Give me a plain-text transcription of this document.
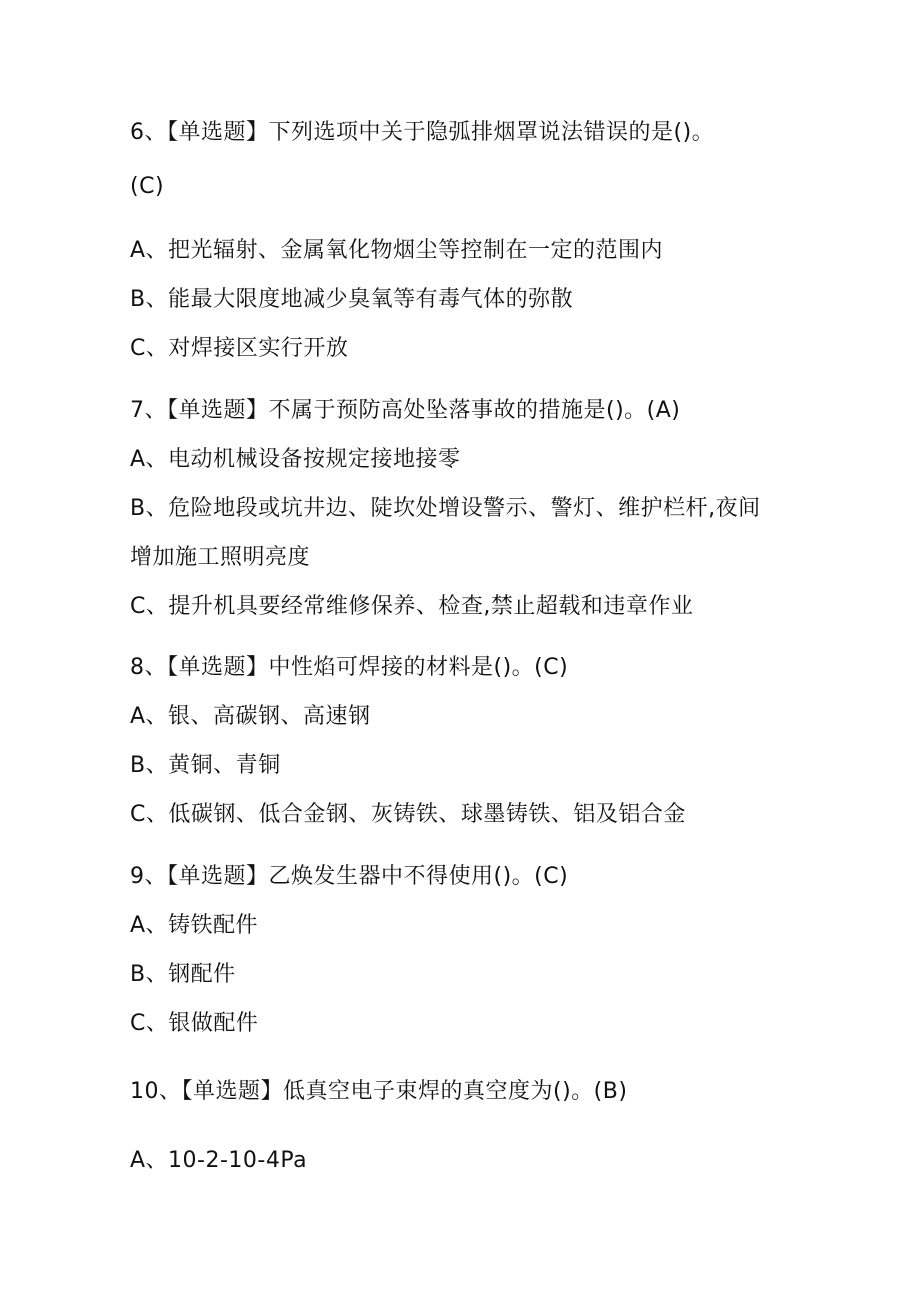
6、【单选题】下列选项中关于隐弧排烟罩说法错误的是()。
(C)
A、把光辐射、金属氧化物烟尘等控制在一定的范围内
B、能最大限度地减少臭氧等有毒气体的弥散
C、对焊接区实行开放
7、【单选题】不属于预防高处坠落事故的措施是()。(A)
A、电动机械设备按规定接地接零
B、危险地段或坑井边、陡坎处增设警示、警灯、维护栏杆,夜间
增加施工照明亮度
C、提升机具要经常维修保养、检查,禁止超载和违章作业
8、【单选题】中性焰可焊接的材料是()。(C)
A、银、高碳钢、高速钢
B、黄铜、青铜
C、低碳钢、低合金钢、灰铸铁、球墨铸铁、铝及铝合金
9、【单选题】乙焕发生器中不得使用()。(C)
A、铸铁配件
B、钢配件
C、银做配件
10、【单选题】低真空电子束焊的真空度为()。(B)
A、10-2-10-4Pa
